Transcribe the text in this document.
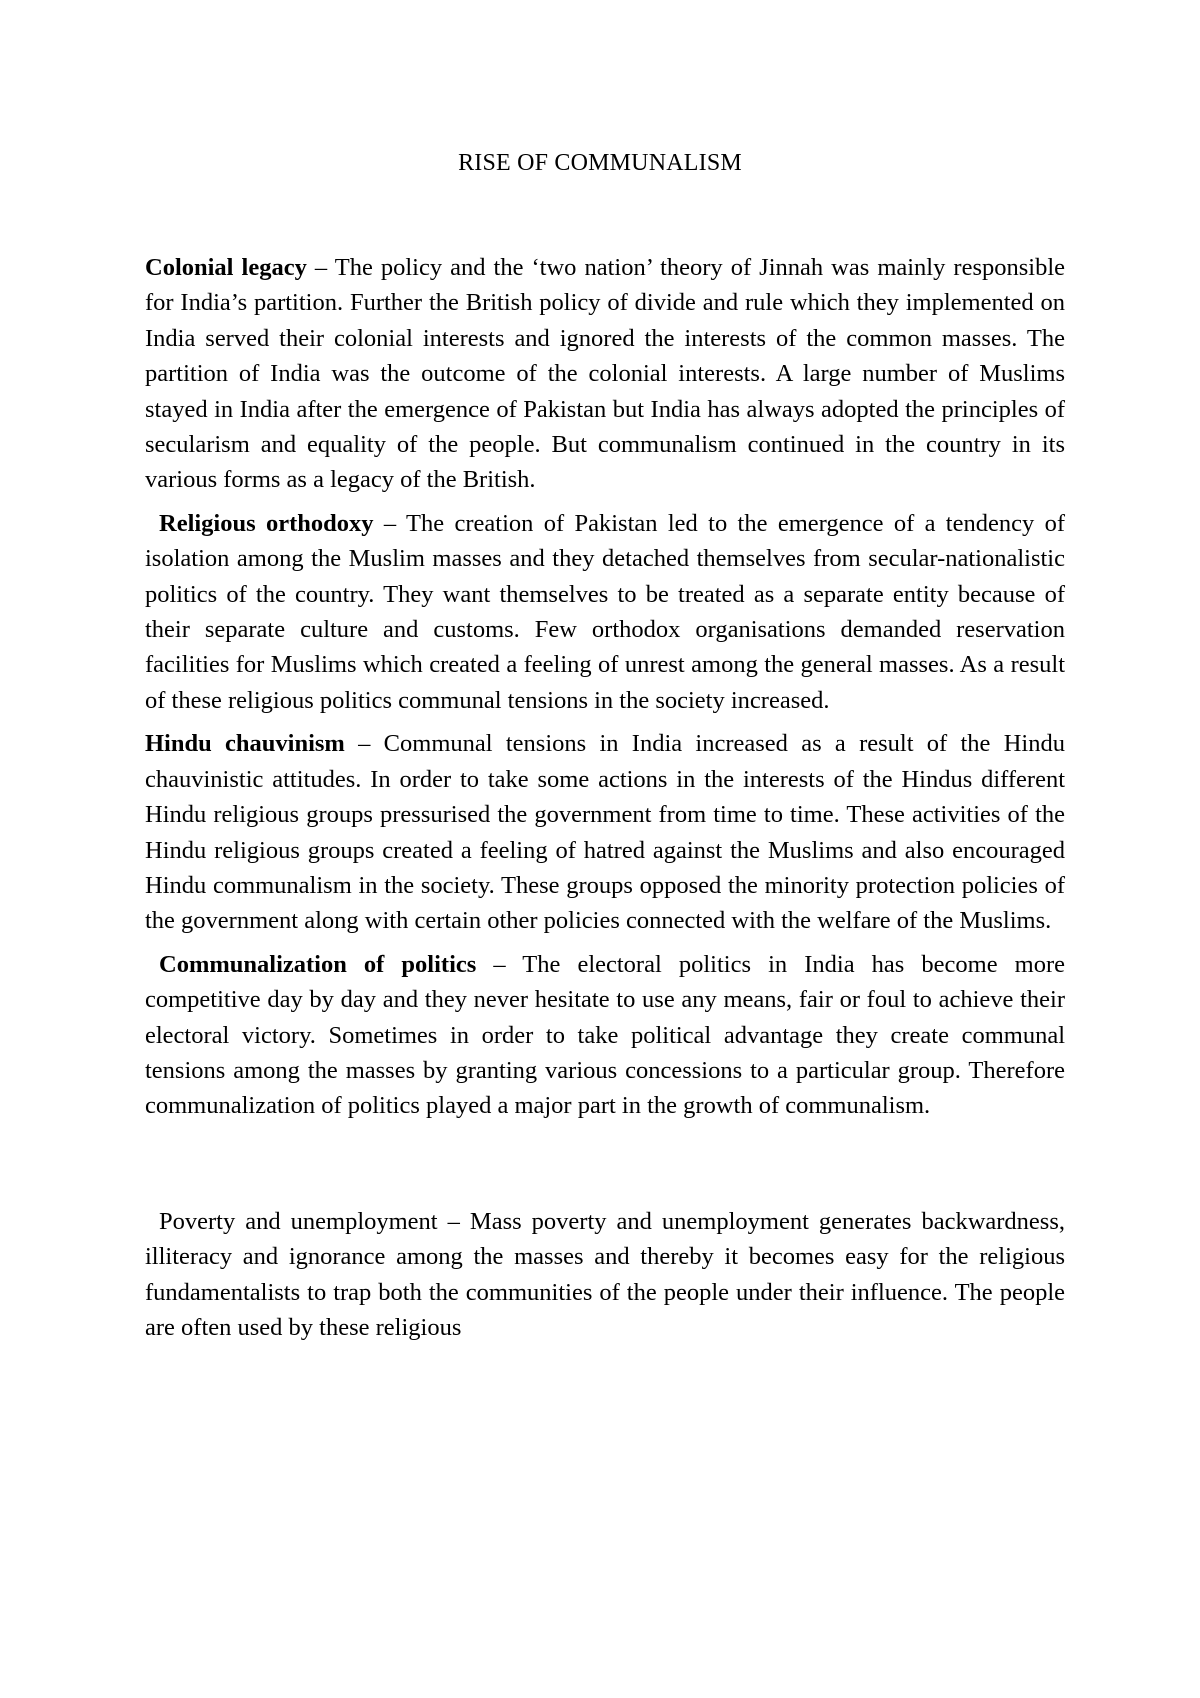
RISE OF COMMUNALISM

Colonial legacy – The policy and the ‘two nation’ theory of Jinnah was mainly responsible for India’s partition. Further the British policy of divide and rule which they implemented on India served their colonial interests and ignored the interests of the common masses. The partition of India was the outcome of the colonial interests. A large number of Muslims stayed in India after the emergence of Pakistan but India has always adopted the principles of secularism and equality of the people. But communalism continued in the country in its various forms as a legacy of the British.

Religious orthodoxy – The creation of Pakistan led to the emergence of a tendency of isolation among the Muslim masses and they detached themselves from secular-nationalistic politics of the country. They want themselves to be treated as a separate entity because of their separate culture and customs. Few orthodox organisations demanded reservation facilities for Muslims which created a feeling of unrest among the general masses. As a result of these religious politics communal tensions in the society increased.

Hindu chauvinism – Communal tensions in India increased as a result of the Hindu chauvinistic attitudes. In order to take some actions in the interests of the Hindus different Hindu religious groups pressurised the government from time to time. These activities of the Hindu religious groups created a feeling of hatred against the Muslims and also encouraged Hindu communalism in the society. These groups opposed the minority protection policies of the government along with certain other policies connected with the welfare of the Muslims.

Communalization of politics – The electoral politics in India has become more competitive day by day and they never hesitate to use any means, fair or foul to achieve their electoral victory. Sometimes in order to take political advantage they create communal tensions among the masses by granting various concessions to a particular group. Therefore communalization of politics played a major part in the growth of communalism.

Poverty and unemployment – Mass poverty and unemployment generates backwardness, illiteracy and ignorance among the masses and thereby it becomes easy for the religious fundamentalists to trap both the communities of the people under their influence. The people are often used by these religious
